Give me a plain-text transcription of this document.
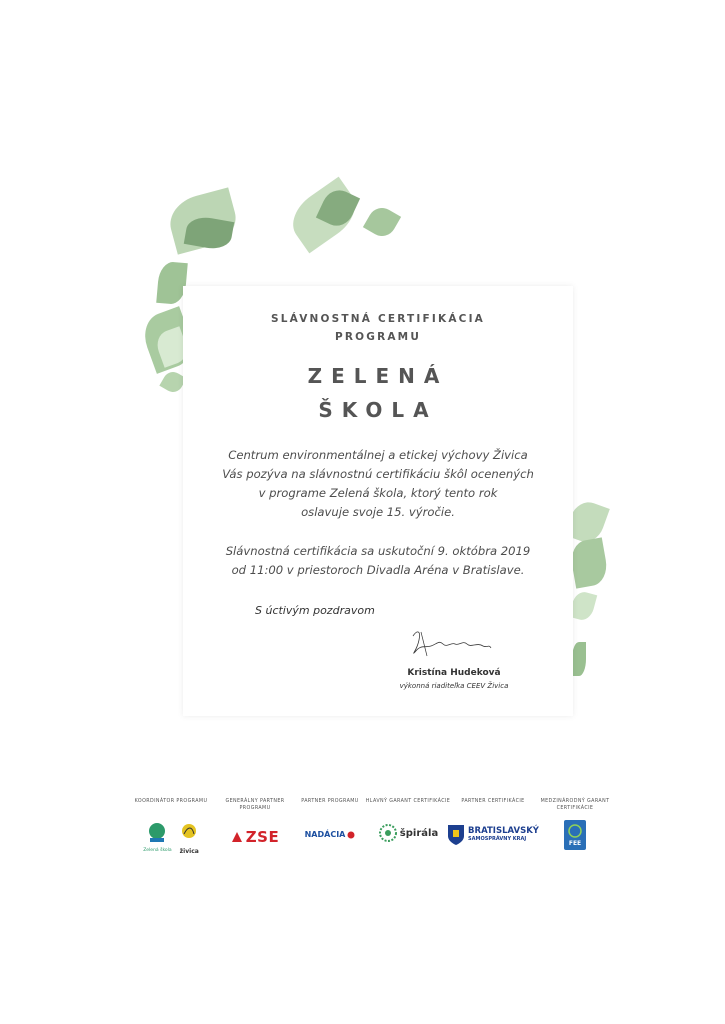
SLÁVNOSTNÁ CERTIFIKÁCIA
PROGRAMU
ZELENÁ
ŠKOLA
Centrum environmentálnej a etickej výchovy Živica
Vás pozýva na slávnostnú certifikáciu škôl ocenených
v programe Zelená škola, ktorý tento rok
oslavuje svoje 15. výročie.
Slávnostná certifikácia sa uskutoční 9. októbra 2019
od 11:00 v priestoroch Divadla Aréna v Bratislave.
S úctivým pozdravom
Kristína Hudeková
výkonná riaditeľka CEEV Živica
KOORDINÁTOR PROGRAMU
Zelená škola živica
GENERÁLNY PARTNER PROGRAMU
ZSE
PARTNER PROGRAMU
NADÁCIA
HLAVNÝ GARANT CERTIFIKÁCIE
špirála
PARTNER CERTIFIKÁCIE
BRATISLAVSKÝ
SAMOSPRÁVNY KRAJ
MEDZINÁRODNÝ GARANT CERTIFIKÁCIE
FEE
